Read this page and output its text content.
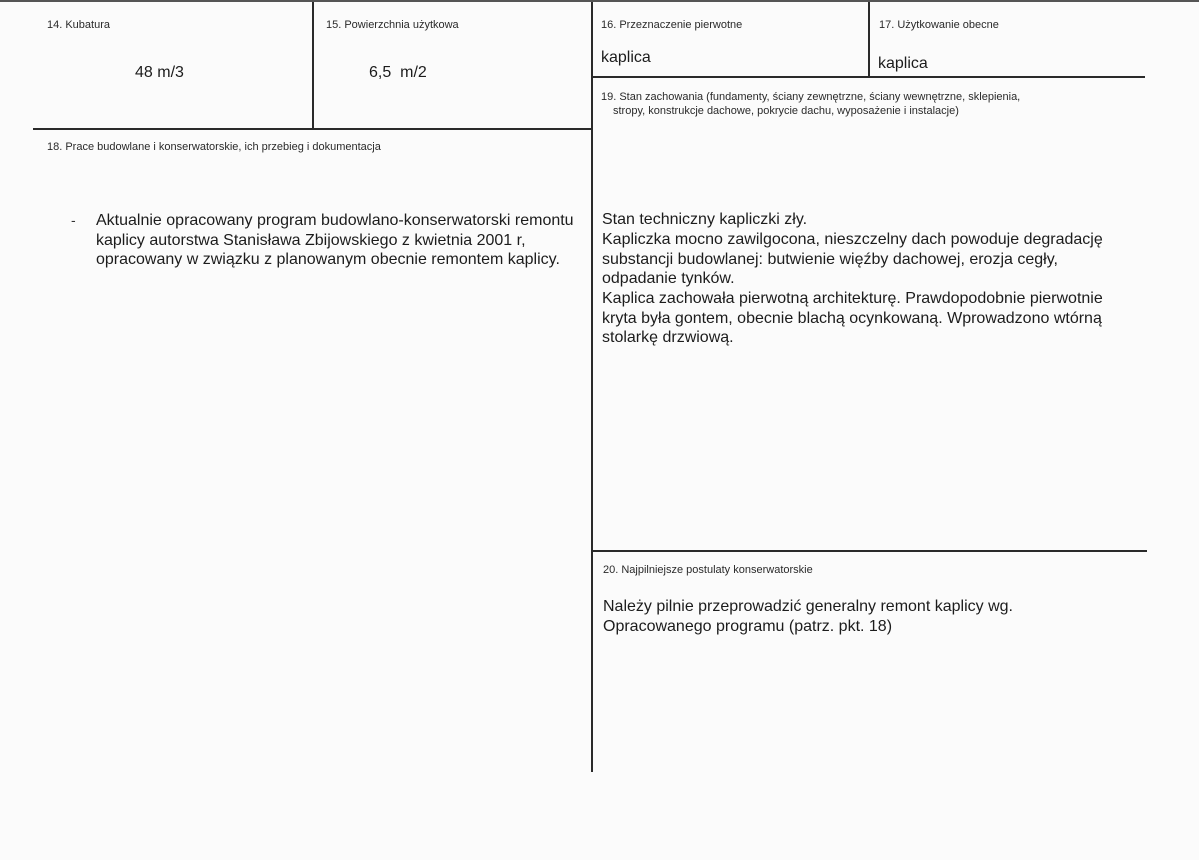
14. Kubatura
48 m/3
15. Powierzchnia użytkowa
6,5  m/2
16. Przeznaczenie pierwotne
kaplica
17. Użytkowanie obecne
kaplica
19. Stan zachowania (fundamenty, ściany zewnętrzne, ściany wewnętrzne, sklepienia,
stropy, konstrukcje dachowe, pokrycie dachu, wyposażenie i instalacje)
18. Prace budowlane i konserwatorskie, ich przebieg i dokumentacja
- Aktualnie opracowany program budowlano-konserwatorski remontu kaplicy autorstwa Stanisława Zbijowskiego z kwietnia 2001 r, opracowany w związku z planowanym obecnie remontem kaplicy.
Stan techniczny kapliczki zły.
Kapliczka mocno zawilgocona, nieszczelny dach powoduje degradację substancji budowlanej: butwienie więźby dachowej, erozja cegły, odpadanie tynków.
Kaplica zachowała pierwotną architekturę. Prawdopodobnie pierwotnie kryta była gontem, obecnie blachą ocynkowaną. Wprowadzono wtórną stolarkę drzwiową.
20. Najpilniejsze postulaty konserwatorskie
Należy pilnie przeprowadzić generalny remont kaplicy wg. Opracowanego programu (patrz. pkt. 18)
